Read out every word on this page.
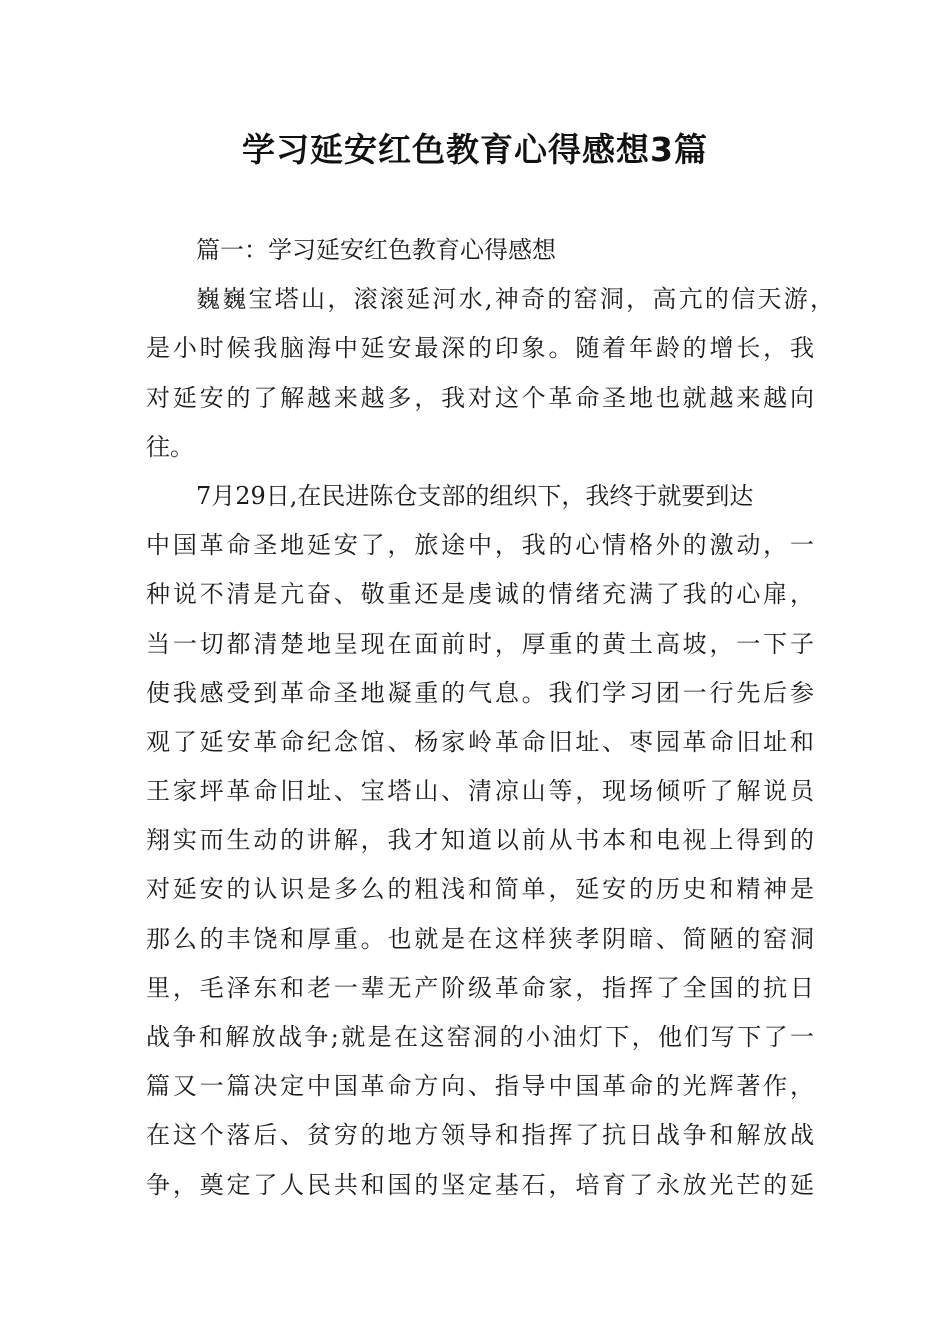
学习延安红色教育心得感想3篇
篇一：学习延安红色教育心得感想
巍巍宝塔山，滚滚延河水,神奇的窑洞，高亢的信天游，
是小时候我脑海中延安最深的印象。随着年龄的增长，我
对延安的了解越来越多，我对这个革命圣地也就越来越向
往。
7月29日,在民进陈仓支部的组织下，我终于就要到达
中国革命圣地延安了，旅途中，我的心情格外的激动，一
种说不清是亢奋、敬重还是虔诚的情绪充满了我的心扉，
当一切都清楚地呈现在面前时，厚重的黄土高坡，一下子
使我感受到革命圣地凝重的气息。我们学习团一行先后参
观了延安革命纪念馆、杨家岭革命旧址、枣园革命旧址和
王家坪革命旧址、宝塔山、清凉山等，现场倾听了解说员
翔实而生动的讲解，我才知道以前从书本和电视上得到的
对延安的认识是多么的粗浅和简单，延安的历史和精神是
那么的丰饶和厚重。也就是在这样狭孝阴暗、简陋的窑洞
里，毛泽东和老一辈无产阶级革命家，指挥了全国的抗日
战争和解放战争;就是在这窑洞的小油灯下，他们写下了一
篇又一篇决定中国革命方向、指导中国革命的光辉著作，
在这个落后、贫穷的地方领导和指挥了抗日战争和解放战
争，奠定了人民共和国的坚定基石，培育了永放光芒的延
